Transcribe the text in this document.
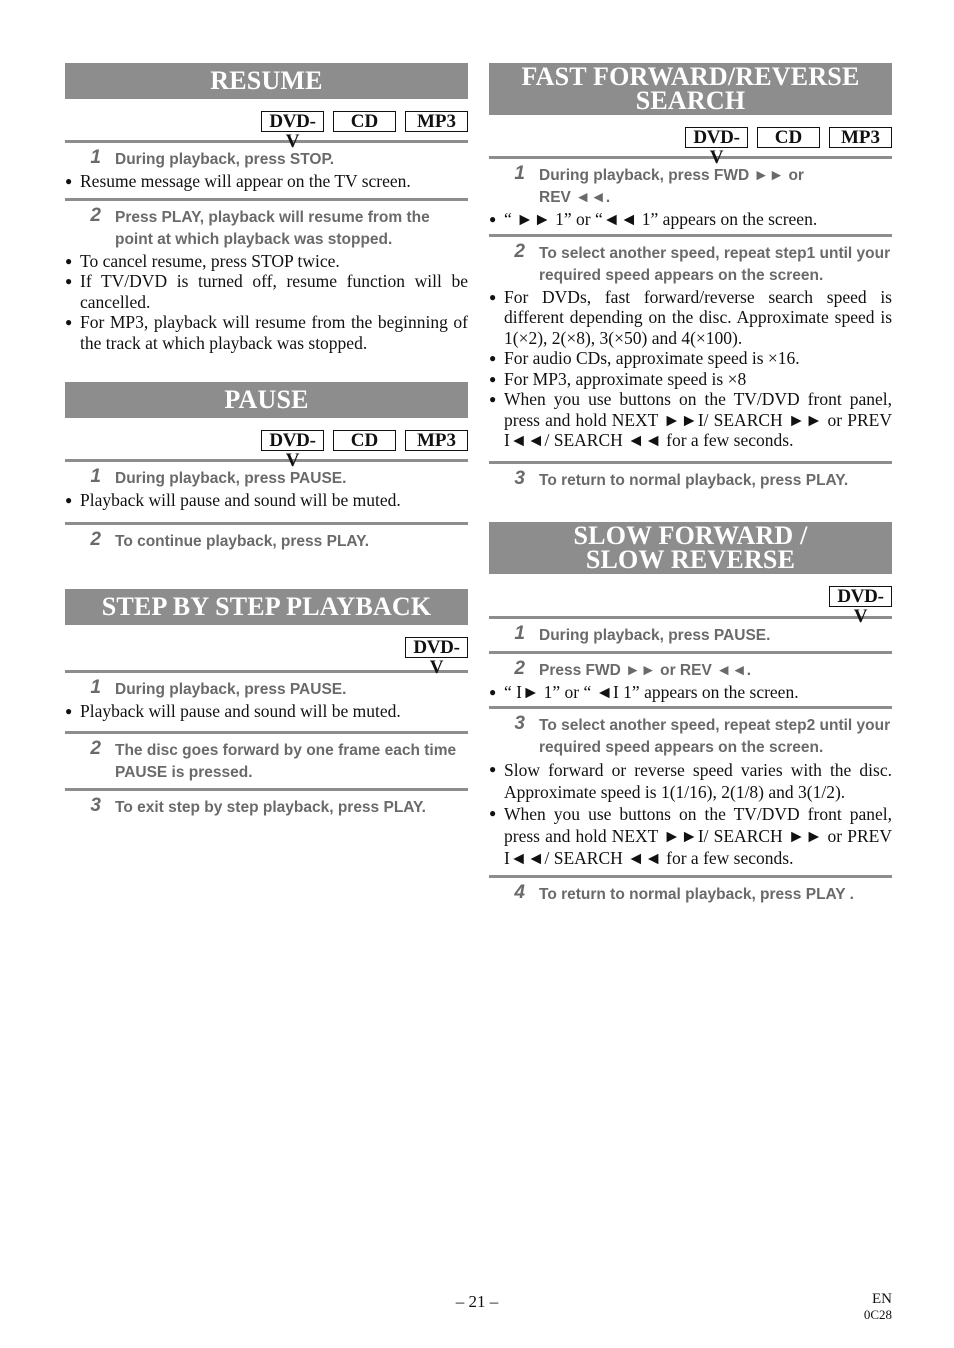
RESUME
DVD-V
CD	MP3
1 During playback, press STOP.
● Resume message will appear on the TV screen.
2 Press PLAY, playback will resume from the point at which playback was stopped.
● To cancel resume, press STOP twice.
● If TV/DVD is turned off, resume function will be cancelled.
● For MP3, playback will resume from the beginning of the track at which playback was stopped.
PAUSE
DVD-V
CD	MP3
1 During playback, press PAUSE.
● Playback will pause and sound will be muted.
2 To continue playback, press PLAY.
STEP BY STEP PLAYBACK
DVD-V
1 During playback, press PAUSE.
● Playback will pause and sound will be muted.
2 The disc goes forward by one frame each time PAUSE is pressed.
3 To exit step by step playback, press PLAY.
FAST FORWARD/REVERSE
SEARCH
DVD-V
CD	MP3
1 During playback, press FWD ►► or REV ◄◄.
● “ ►► 1” or “◄◄ 1” appears on the screen.
2 To select another speed, repeat step1 until your required speed appears on the screen.
● For DVDs, fast forward/reverse search speed is different depending on the disc. Approximate speed is 1(×2), 2(×8), 3(×50) and 4(×100).
● For audio CDs, approximate speed is ×16.
● For MP3, approximate speed is ×8
● When you use buttons on the TV/DVD front panel, press and hold NEXT ►►I/ SEARCH ►► or PREV I◄◄/ SEARCH ◄◄ for a few seconds.
3 To return to normal playback, press PLAY.
SLOW FORWARD /
SLOW REVERSE
DVD-V
1 During playback, press PAUSE.
2 Press FWD ►► or REV ◄◄.
● “ I► 1” or “ ◄I 1” appears on the screen.
3 To select another speed, repeat step2 until your required speed appears on the screen.
● Slow forward or reverse speed varies with the disc. Approximate speed is 1(1/16), 2(1/8) and 3(1/2).
● When you use buttons on the TV/DVD front panel, press and hold NEXT ►►I/ SEARCH ►► or PREV I◄◄/ SEARCH ◄◄ for a few seconds.
4 To return to normal playback, press PLAY .
– 21 –	EN
0C28
